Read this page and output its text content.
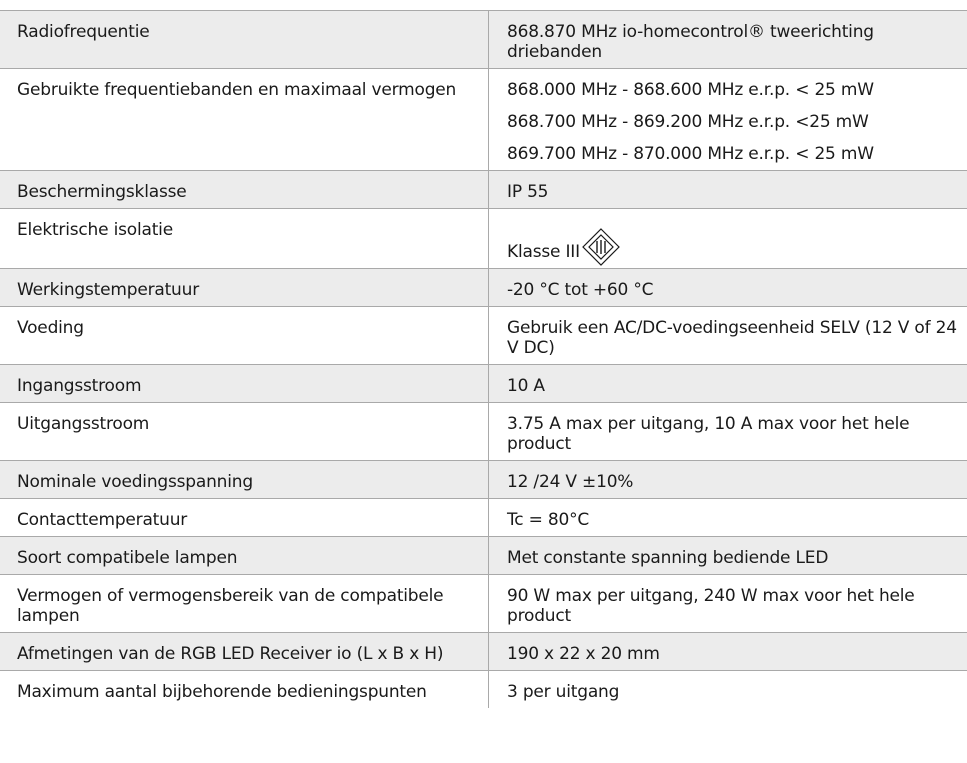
Radiofrequentie	868.870 MHz io-homecontrol® tweerichting driebanden
Gebruikte frequentiebanden en maximaal vermogen	868.000 MHz - 868.600 MHz e.r.p. < 25 mW
868.700 MHz - 869.200 MHz e.r.p. <25 mW
869.700 MHz - 870.000 MHz e.r.p. < 25 mW

Beschermingsklasse	IP 55
Elektrische isolatie	Klasse III

Werkingstemperatuur	-20 °C tot +60 °C
Voeding	Gebruik een AC/DC-voedingseenheid SELV (12 V of 24 V DC)
Ingangsstroom	10 A
Uitgangsstroom	3.75 A max per uitgang, 10 A max voor het hele product
Nominale voedingsspanning	12 /24 V ±10%
Contacttemperatuur	Tc = 80°C
Soort compatibele lampen	Met constante spanning bediende LED
Vermogen of vermogensbereik van de compatibele lampen	90 W max per uitgang, 240 W max voor het hele product
Afmetingen van de RGB LED Receiver io (L x B x H)	190 x 22 x 20 mm
Maximum aantal bijbehorende bedieningspunten	3 per uitgang
